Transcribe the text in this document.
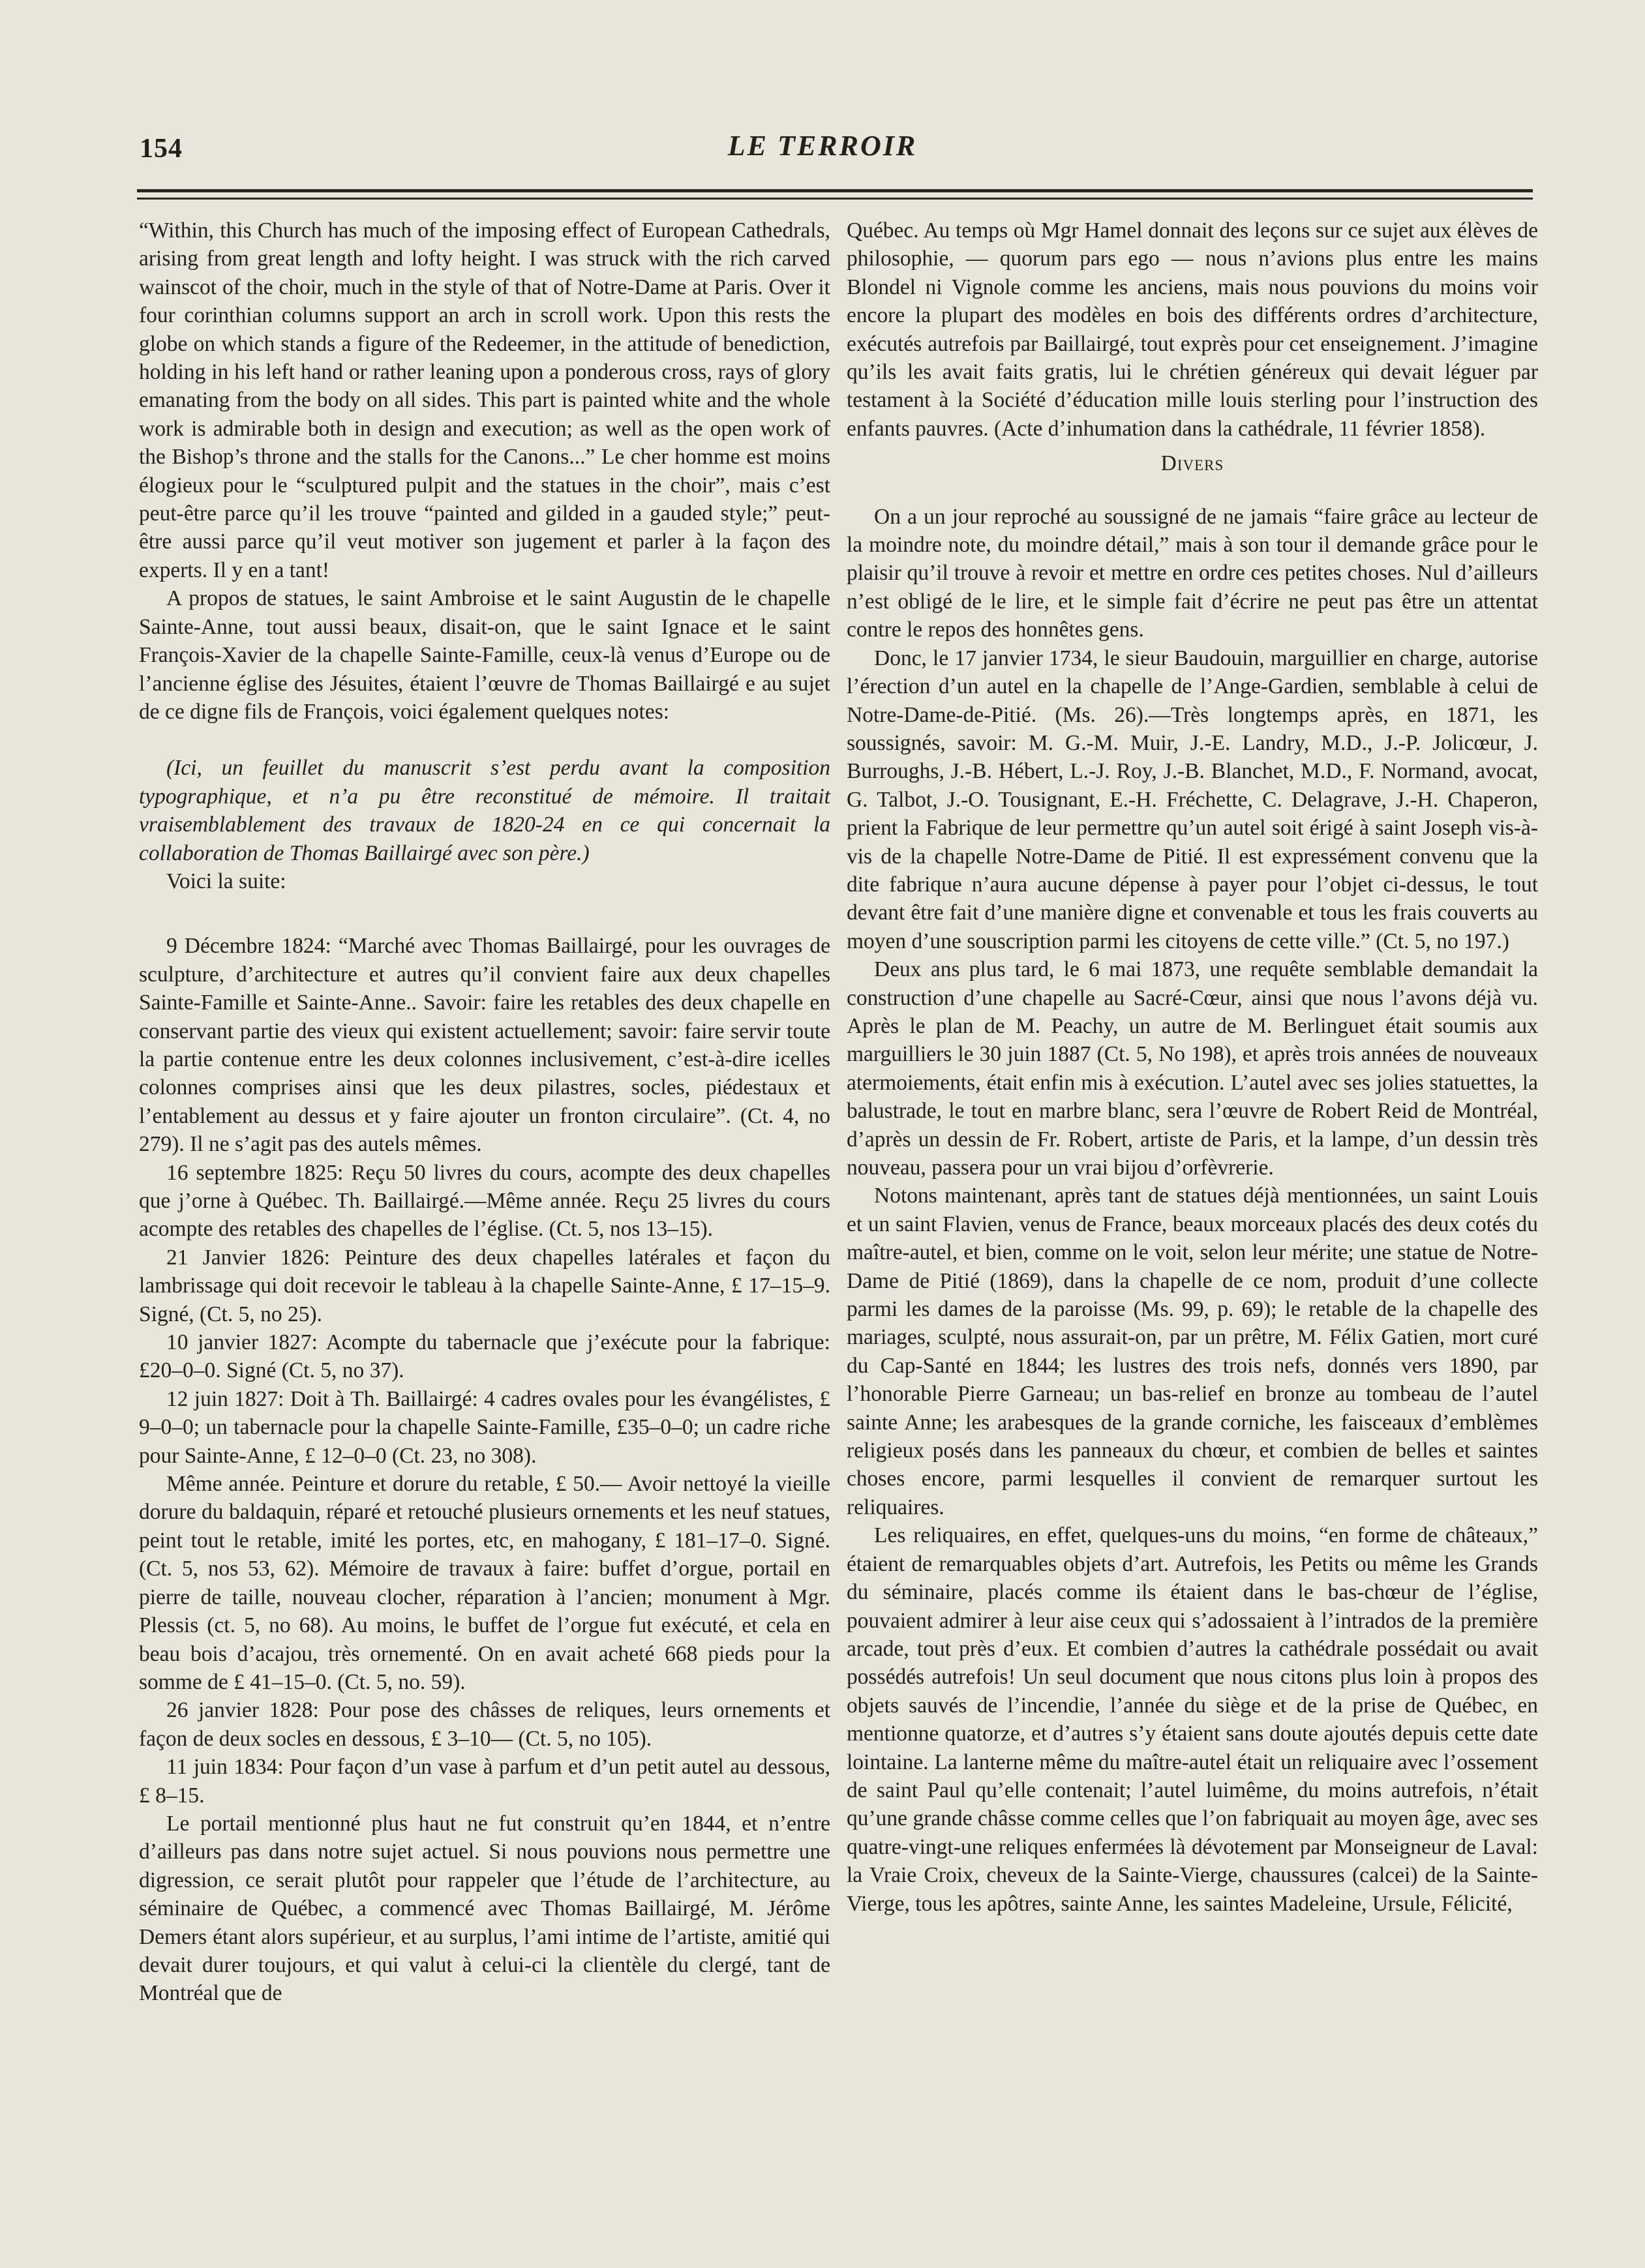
154	LE TERROIR

“Within, this Church has much of the imposing effect of European Cathedrals, arising from great length and lofty height. I was struck with the rich carved wainscot of the choir, much in the style of that of Notre-Dame at Paris. Over it four corinthian columns support an arch in scroll work. Upon this rests the globe on which stands a figure of the Redeemer, in the attitude of benediction, holding in his left hand or rather leaning upon a ponderous cross, rays of glory emanating from the body on all sides. This part is painted white and the whole work is admirable both in design and execution; as well as the open work of the Bishop’s throne and the stalls for the Canons...” Le cher homme est moins élogieux pour le “sculptured pulpit and the statues in the choir”, mais c’est peut-être parce qu’il les trouve “painted and gilded in a gauded style;” peut-être aussi parce qu’il veut motiver son jugement et parler à la façon des experts. Il y en a tant!

A propos de statues, le saint Ambroise et le saint Augustin de le chapelle Sainte-Anne, tout aussi beaux, disait-on, que le saint Ignace et le saint François-Xavier de la chapelle Sainte-Famille, ceux-là venus d’Europe ou de l’ancienne église des Jésuites, étaient l’œuvre de Thomas Baillairgé e au sujet de ce digne fils de François, voici également quelques notes:

(Ici, un feuillet du manuscrit s’est perdu avant la composition typographique, et n’a pu être reconstitué de mémoire. Il traitait vraisemblablement des travaux de 1820-24 en ce qui concernait la collaboration de Thomas Baillairgé avec son père.)

Voici la suite:

9 Décembre 1824: “Marché avec Thomas Baillairgé, pour les ouvrages de sculpture, d’architecture et autres qu’il convient faire aux deux chapelles Sainte-Famille et Sainte-Anne.. Savoir: faire les retables des deux chapelle en conservant partie des vieux qui existent actuellement; savoir: faire servir toute la partie contenue entre les deux colonnes inclusivement, c’est-à-dire icelles colonnes comprises ainsi que les deux pilastres, socles, piédestaux et l’entablement au dessus et y faire ajouter un fronton circulaire”. (Ct. 4, no 279). Il ne s’agit pas des autels mêmes.

16 septembre 1825: Reçu 50 livres du cours, acompte des deux chapelles que j’orne à Québec. Th. Baillairgé.—Même année. Reçu 25 livres du cours acompte des retables des chapelles de l’église. (Ct. 5, nos 13–15).

21 Janvier 1826: Peinture des deux chapelles latérales et façon du lambrissage qui doit recevoir le tableau à la chapelle Sainte-Anne, £ 17–15–9. Signé, (Ct. 5, no 25).

10 janvier 1827: Acompte du tabernacle que j’exécute pour la fabrique: £20–0–0. Signé (Ct. 5, no 37).

12 juin 1827: Doit à Th. Baillairgé: 4 cadres ovales pour les évangélistes, £ 9–0–0; un tabernacle pour la chapelle Sainte-Famille, £35–0–0; un cadre riche pour Sainte-Anne, £ 12–0–0 (Ct. 23, no 308).

Même année. Peinture et dorure du retable, £ 50.— Avoir nettoyé la vieille dorure du baldaquin, réparé et retouché plusieurs ornements et les neuf statues, peint tout le retable, imité les portes, etc, en mahogany, £ 181–17–0. Signé. (Ct. 5, nos 53, 62). Mémoire de travaux à faire: buffet d’orgue, portail en pierre de taille, nouveau clocher, réparation à l’ancien; monument à Mgr. Plessis (ct. 5, no 68). Au moins, le buffet de l’orgue fut exécuté, et cela en beau bois d’acajou, très ornementé. On en avait acheté 668 pieds pour la somme de £ 41–15–0. (Ct. 5, no. 59).

26 janvier 1828: Pour pose des châsses de reliques, leurs ornements et façon de deux socles en dessous, £ 3–10— (Ct. 5, no 105).

11 juin 1834: Pour façon d’un vase à parfum et d’un petit autel au dessous, £ 8–15.

Le portail mentionné plus haut ne fut construit qu’en 1844, et n’entre d’ailleurs pas dans notre sujet actuel. Si nous pouvions nous permettre une digression, ce serait plutôt pour rappeler que l’étude de l’architecture, au séminaire de Québec, a commencé avec Thomas Baillairgé, M. Jérôme Demers étant alors supérieur, et au surplus, l’ami intime de l’artiste, amitié qui devait durer toujours, et qui valut à celui-ci la clientèle du clergé, tant de Montréal que de

Québec. Au temps où Mgr Hamel donnait des leçons sur ce sujet aux élèves de philosophie, — quorum pars ego — nous n’avions plus entre les mains Blondel ni Vignole comme les anciens, mais nous pouvions du moins voir encore la plupart des modèles en bois des différents ordres d’architecture, exécutés autrefois par Baillairgé, tout exprès pour cet enseignement. J’imagine qu’ils les avait faits gratis, lui le chrétien généreux qui devait léguer par testament à la Société d’éducation mille louis sterling pour l’instruction des enfants pauvres. (Acte d’inhumation dans la cathédrale, 11 février 1858).

Divers

On a un jour reproché au soussigné de ne jamais “faire grâce au lecteur de la moindre note, du moindre détail,” mais à son tour il demande grâce pour le plaisir qu’il trouve à revoir et mettre en ordre ces petites choses. Nul d’ailleurs n’est obligé de le lire, et le simple fait d’écrire ne peut pas être un attentat contre le repos des honnêtes gens.

Donc, le 17 janvier 1734, le sieur Baudouin, marguillier en charge, autorise l’érection d’un autel en la chapelle de l’Ange-Gardien, semblable à celui de Notre-Dame-de-Pitié. (Ms. 26).—Très longtemps après, en 1871, les soussignés, savoir: M. G.-M. Muir, J.-E. Landry, M.D., J.-P. Jolicœur, J. Burroughs, J.-B. Hébert, L.-J. Roy, J.-B. Blanchet, M.D., F. Normand, avocat, G. Talbot, J.-O. Tousignant, E.-H. Fréchette, C. Delagrave, J.-H. Chaperon, prient la Fabrique de leur permettre qu’un autel soit érigé à saint Joseph vis-à-vis de la chapelle Notre-Dame de Pitié. Il est expressément convenu que la dite fabrique n’aura aucune dépense à payer pour l’objet ci-dessus, le tout devant être fait d’une manière digne et convenable et tous les frais couverts au moyen d’une souscription parmi les citoyens de cette ville.” (Ct. 5, no 197.)

Deux ans plus tard, le 6 mai 1873, une requête semblable demandait la construction d’une chapelle au Sacré-Cœur, ainsi que nous l’avons déjà vu. Après le plan de M. Peachy, un autre de M. Berlinguet était soumis aux marguilliers le 30 juin 1887 (Ct. 5, No 198), et après trois années de nouveaux atermoiements, était enfin mis à exécution. L’autel avec ses jolies statuettes, la balustrade, le tout en marbre blanc, sera l’œuvre de Robert Reid de Montréal, d’après un dessin de Fr. Robert, artiste de Paris, et la lampe, d’un dessin très nouveau, passera pour un vrai bijou d’orfèvrerie.

Notons maintenant, après tant de statues déjà mentionnées, un saint Louis et un saint Flavien, venus de France, beaux morceaux placés des deux cotés du maître-autel, et bien, comme on le voit, selon leur mérite; une statue de Notre-Dame de Pitié (1869), dans la chapelle de ce nom, produit d’une collecte parmi les dames de la paroisse (Ms. 99, p. 69); le retable de la chapelle des mariages, sculpté, nous assurait-on, par un prêtre, M. Félix Gatien, mort curé du Cap-Santé en 1844; les lustres des trois nefs, donnés vers 1890, par l’honorable Pierre Garneau; un bas-relief en bronze au tombeau de l’autel sainte Anne; les arabesques de la grande corniche, les faisceaux d’emblèmes religieux posés dans les panneaux du chœur, et combien de belles et saintes choses encore, parmi lesquelles il convient de remarquer surtout les reliquaires.

Les reliquaires, en effet, quelques-uns du moins, “en forme de châteaux,” étaient de remarquables objets d’art. Autrefois, les Petits ou même les Grands du séminaire, placés comme ils étaient dans le bas-chœur de l’église, pouvaient admirer à leur aise ceux qui s’adossaient à l’intrados de la première arcade, tout près d’eux. Et combien d’autres la cathédrale possédait ou avait possédés autrefois! Un seul document que nous citons plus loin à propos des objets sauvés de l’incendie, l’année du siège et de la prise de Québec, en mentionne quatorze, et d’autres s’y étaient sans doute ajoutés depuis cette date lointaine. La lanterne même du maître-autel était un reliquaire avec l’ossement de saint Paul qu’elle contenait; l’autel luimême, du moins autrefois, n’était qu’une grande châsse comme celles que l’on fabriquait au moyen âge, avec ses quatre-vingt-une reliques enfermées là dévotement par Monseigneur de Laval: la Vraie Croix, cheveux de la Sainte-Vierge, chaussures (calcei) de la Sainte-Vierge, tous les apôtres, sainte Anne, les saintes Madeleine, Ursule, Félicité,
